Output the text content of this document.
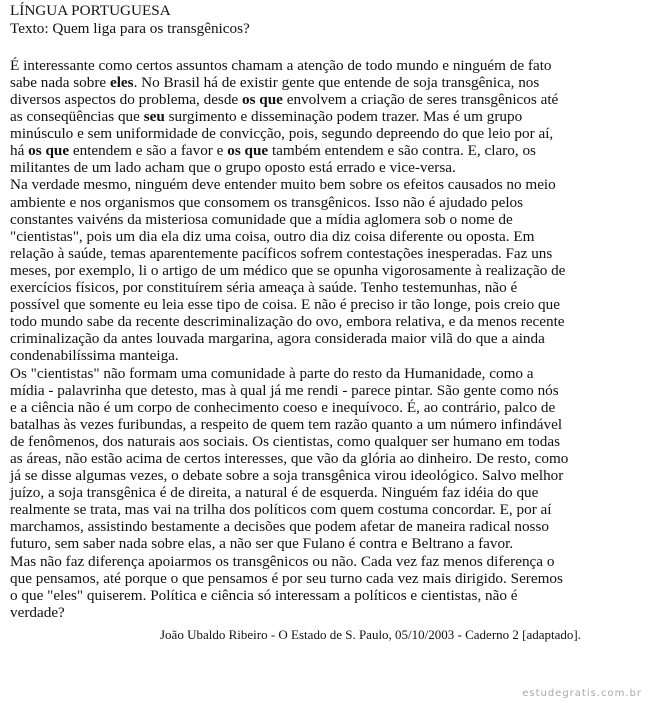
LÍNGUA PORTUGUESA
Texto: Quem liga para os transgênicos?
É interessante como certos assuntos chamam a atenção de todo mundo e ninguém de fato
sabe nada sobre eles. No Brasil há de existir gente que entende de soja transgênica, nos
diversos aspectos do problema, desde os que envolvem a criação de seres transgênicos até
as conseqüências que seu surgimento e disseminação podem trazer. Mas é um grupo
minúsculo e sem uniformidade de convicção, pois, segundo depreendo do que leio por aí,
há os que entendem e são a favor e os que também entendem e são contra. E, claro, os
militantes de um lado acham que o grupo oposto está errado e vice-versa.
Na verdade mesmo, ninguém deve entender muito bem sobre os efeitos causados no meio
ambiente e nos organismos que consomem os transgênicos. Isso não é ajudado pelos
constantes vaivéns da misteriosa comunidade que a mídia aglomera sob o nome de
"cientistas", pois um dia ela diz uma coisa, outro dia diz coisa diferente ou oposta. Em
relação à saúde, temas aparentemente pacíficos sofrem contestações inesperadas. Faz uns
meses, por exemplo, li o artigo de um médico que se opunha vigorosamente à realização de
exercícios físicos, por constituírem séria ameaça à saúde. Tenho testemunhas, não é
possível que somente eu leia esse tipo de coisa. E não é preciso ir tão longe, pois creio que
todo mundo sabe da recente descriminalização do ovo, embora relativa, e da menos recente
criminalização da antes louvada margarina, agora considerada maior vilã do que a ainda
condenabilíssima manteiga.
Os "cientistas" não formam uma comunidade à parte do resto da Humanidade, como a
mídia - palavrinha que detesto, mas à qual já me rendi - parece pintar. São gente como nós
e a ciência não é um corpo de conhecimento coeso e inequívoco. É, ao contrário, palco de
batalhas às vezes furibundas, a respeito de quem tem razão quanto a um número infindável
de fenômenos, dos naturais aos sociais. Os cientistas, como qualquer ser humano em todas
as áreas, não estão acima de certos interesses, que vão da glória ao dinheiro. De resto, como
já se disse algumas vezes, o debate sobre a soja transgênica virou ideológico. Salvo melhor
juízo, a soja transgênica é de direita, a natural é de esquerda. Ninguém faz idéia do que
realmente se trata, mas vai na trilha dos políticos com quem costuma concordar. E, por aí
marchamos, assistindo bestamente a decisões que podem afetar de maneira radical nosso
futuro, sem saber nada sobre elas, a não ser que Fulano é contra e Beltrano a favor.
Mas não faz diferença apoiarmos os transgênicos ou não. Cada vez faz menos diferença o
que pensamos, até porque o que pensamos é por seu turno cada vez mais dirigido. Seremos
o que "eles" quiserem. Política e ciência só interessam a políticos e cientistas, não é
verdade?
João Ubaldo Ribeiro - O Estado de S. Paulo, 05/10/2003 - Caderno 2 [adaptado].
estudegratis.com.br
